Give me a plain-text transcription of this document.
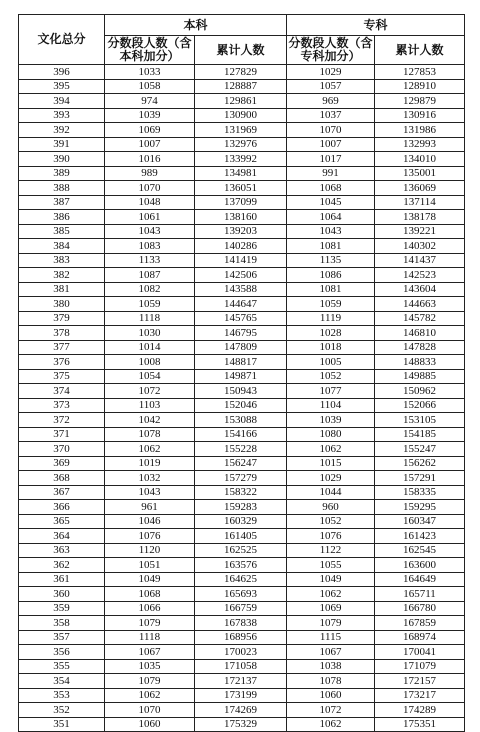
文化总分	本科		专科	
	分数段人数（含本科加分）	累计人数	分数段人数（含专科加分）	累计人数
396	1033	127829	1029	127853
395	1058	128887	1057	128910
394	974	129861	969	129879
393	1039	130900	1037	130916
392	1069	131969	1070	131986
391	1007	132976	1007	132993
390	1016	133992	1017	134010
389	989	134981	991	135001
388	1070	136051	1068	136069
387	1048	137099	1045	137114
386	1061	138160	1064	138178
385	1043	139203	1043	139221
384	1083	140286	1081	140302
383	1133	141419	1135	141437
382	1087	142506	1086	142523
381	1082	143588	1081	143604
380	1059	144647	1059	144663
379	1118	145765	1119	145782
378	1030	146795	1028	146810
377	1014	147809	1018	147828
376	1008	148817	1005	148833
375	1054	149871	1052	149885
374	1072	150943	1077	150962
373	1103	152046	1104	152066
372	1042	153088	1039	153105
371	1078	154166	1080	154185
370	1062	155228	1062	155247
369	1019	156247	1015	156262
368	1032	157279	1029	157291
367	1043	158322	1044	158335
366	961	159283	960	159295
365	1046	160329	1052	160347
364	1076	161405	1076	161423
363	1120	162525	1122	162545
362	1051	163576	1055	163600
361	1049	164625	1049	164649
360	1068	165693	1062	165711
359	1066	166759	1069	166780
358	1079	167838	1079	167859
357	1118	168956	1115	168974
356	1067	170023	1067	170041
355	1035	171058	1038	171079
354	1079	172137	1078	172157
353	1062	173199	1060	173217
352	1070	174269	1072	174289
351	1060	175329	1062	175351
